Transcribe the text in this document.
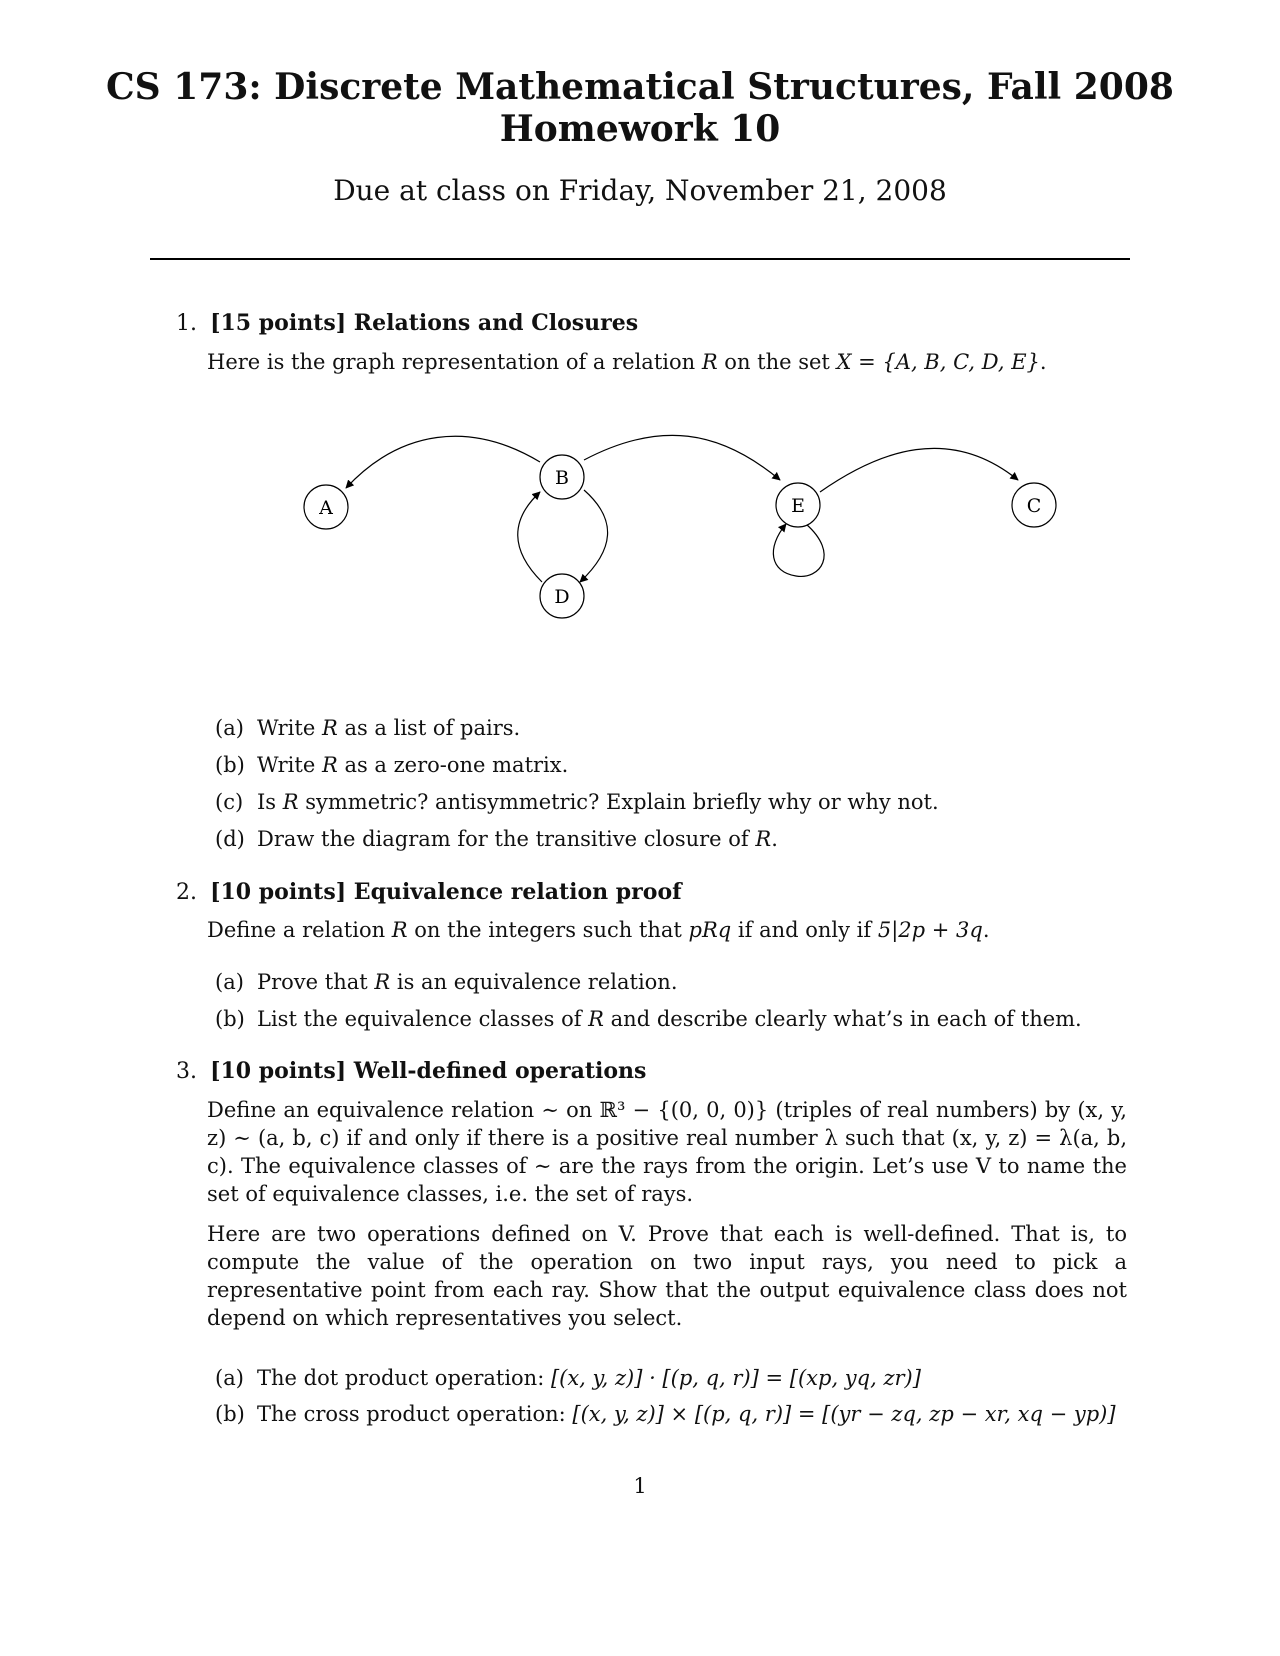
CS 173: Discrete Mathematical Structures, Fall 2008
Homework 10
Due at class on Friday, November 21, 2008
1. [15 points] Relations and Closures
Here is the graph representation of a relation R on the set X = {A, B, C, D, E}.
A
B
E	C
D
(a) Write R as a list of pairs.
(b) Write R as a zero-one matrix.
(c) Is R symmetric? antisymmetric? Explain briefly why or why not.
(d) Draw the diagram for the transitive closure of R.
2. [10 points] Equivalence relation proof
Define a relation R on the integers such that pRq if and only if 5|2p + 3q.
(a) Prove that R is an equivalence relation.
(b) List the equivalence classes of R and describe clearly what’s in each of them.
3. [10 points] Well-defined operations
Define an equivalence relation ∼ on ℝ³ − {(0, 0, 0)} (triples of real numbers) by (x, y, z) ∼ (a, b, c) if and only if there is a positive real number λ such that (x, y, z) = λ(a, b, c). The equivalence classes of ∼ are the rays from the origin. Let’s use V to name the set of equivalence classes, i.e. the set of rays.
Here are two operations defined on V. Prove that each is well-defined. That is, to compute the value of the operation on two input rays, you need to pick a representative point from each ray. Show that the output equivalence class does not depend on which representatives you select.
(a) The dot product operation: [(x, y, z)] · [(p, q, r)] = [(xp, yq, zr)]
(b) The cross product operation: [(x, y, z)] × [(p, q, r)] = [(yr − zq, zp − xr, xq − yp)]
1
